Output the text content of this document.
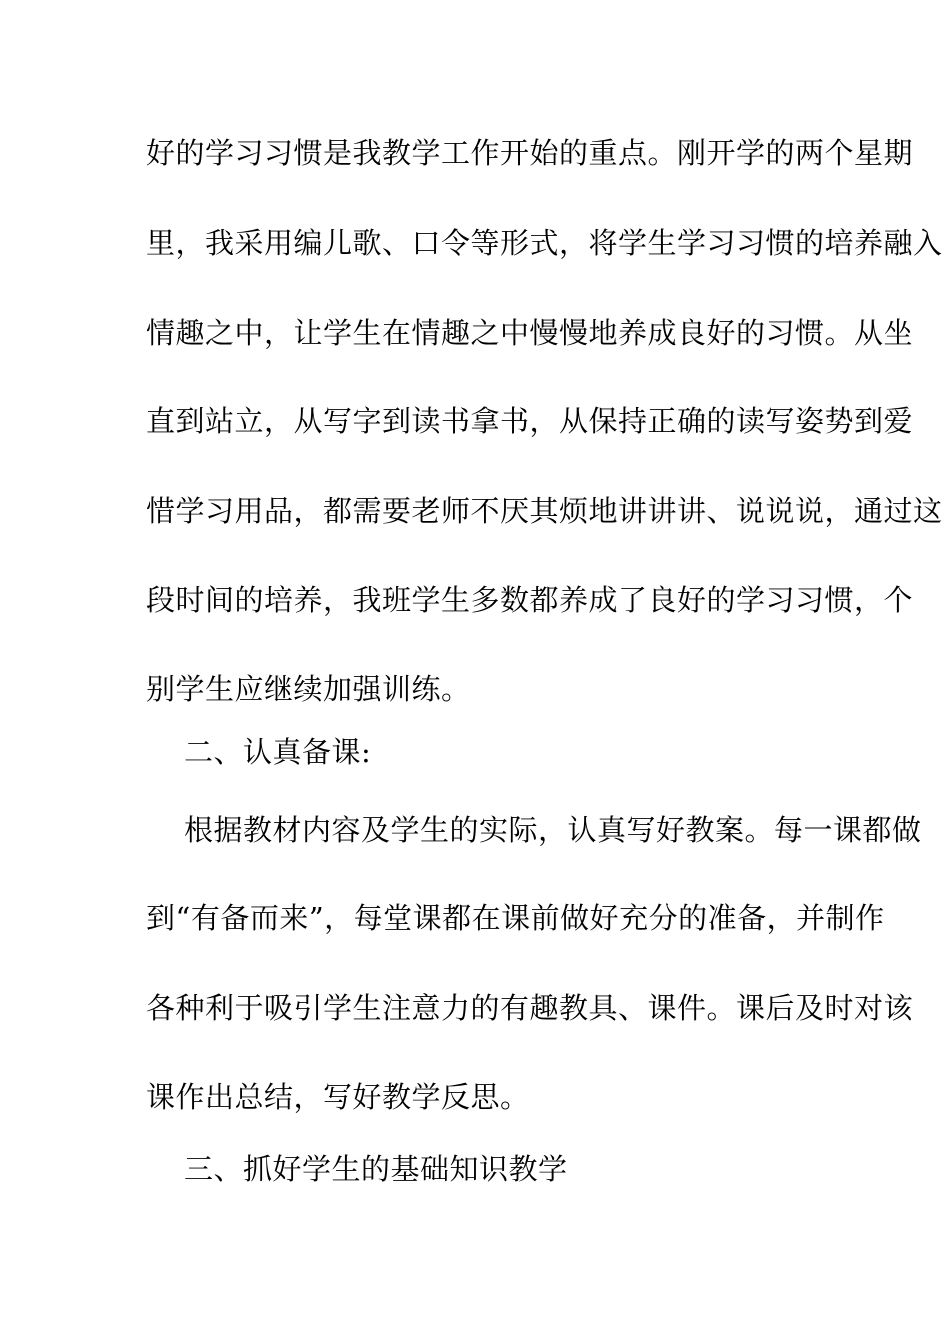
好的学习习惯是我教学工作开始的重点。刚开学的两个星期
里，我采用编儿歌、口令等形式，将学生学习习惯的培养融入
情趣之中，让学生在情趣之中慢慢地养成良好的习惯。从坐
直到站立，从写字到读书拿书，从保持正确的读写姿势到爱
惜学习用品，都需要老师不厌其烦地讲讲讲、说说说，通过这
段时间的培养，我班学生多数都养成了良好的学习习惯，个
别学生应继续加强训练。
二、认真备课:
根据教材内容及学生的实际，认真写好教案。每一课都做
到“有备而来”，每堂课都在课前做好充分的准备，并制作
各种利于吸引学生注意力的有趣教具、课件。课后及时对该
课作出总结，写好教学反思。
三、抓好学生的基础知识教学
